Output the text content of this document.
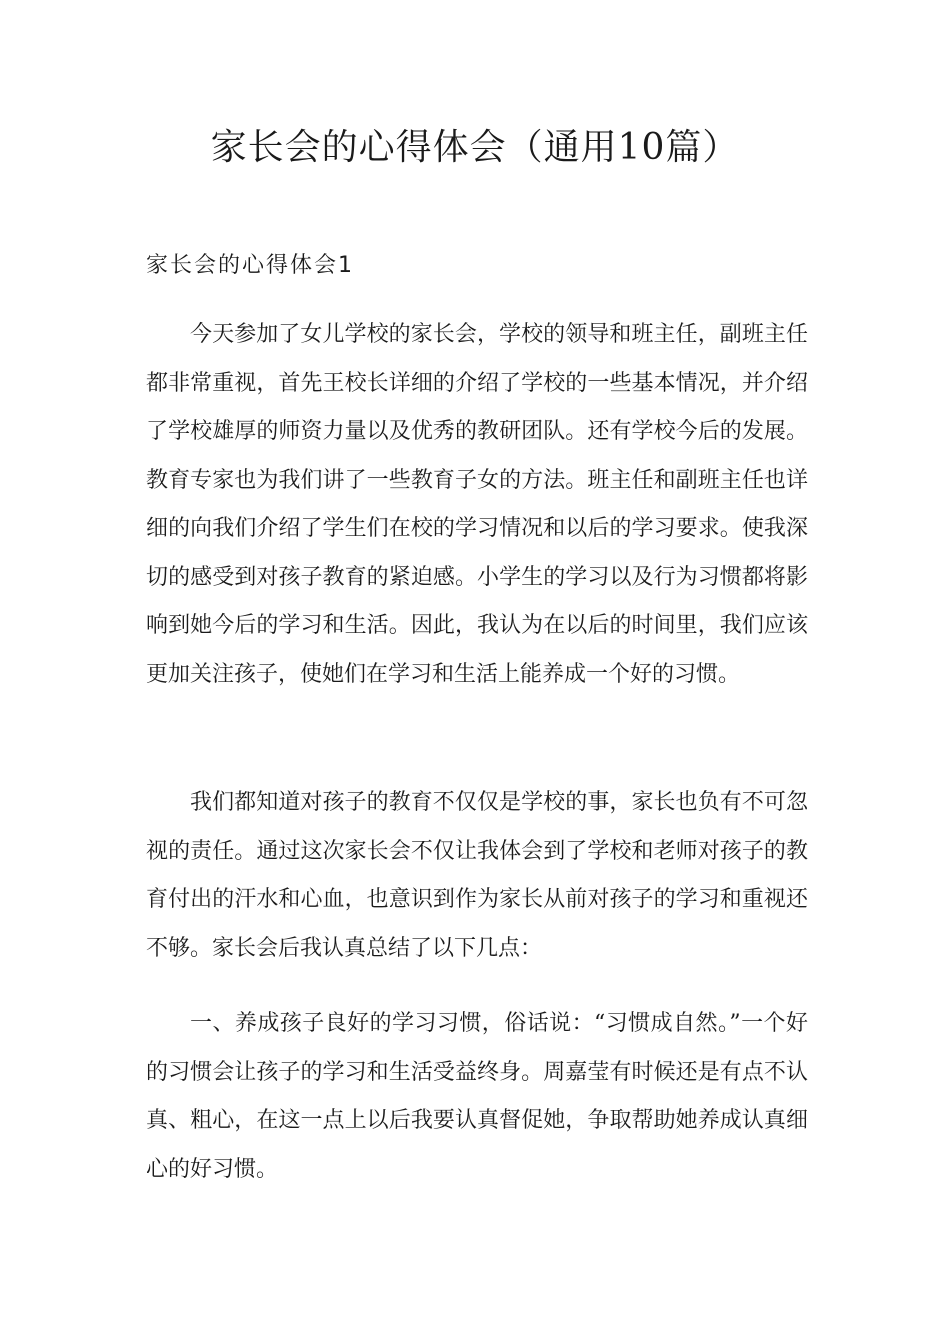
家长会的心得体会（通用10篇）
家长会的心得体会1

今天参加了女儿学校的家长会，学校的领导和班主任，副班主任都非常重视，首先王校长详细的介绍了学校的一些基本情况，并介绍了学校雄厚的师资力量以及优秀的教研团队。还有学校今后的发展。教育专家也为我们讲了一些教育子女的方法。班主任和副班主任也详细的向我们介绍了学生们在校的学习情况和以后的学习要求。使我深切的感受到对孩子教育的紧迫感。小学生的学习以及行为习惯都将影响到她今后的学习和生活。因此，我认为在以后的时间里，我们应该更加关注孩子，使她们在学习和生活上能养成一个好的习惯。

我们都知道对孩子的教育不仅仅是学校的事，家长也负有不可忽视的责任。通过这次家长会不仅让我体会到了学校和老师对孩子的教育付出的汗水和心血，也意识到作为家长从前对孩子的学习和重视还不够。家长会后我认真总结了以下几点：

一、养成孩子良好的学习习惯，俗话说：“习惯成自然。”一个好的习惯会让孩子的学习和生活受益终身。周嘉莹有时候还是有点不认真、粗心，在这一点上以后我要认真督促她，争取帮助她养成认真细心的好习惯。
